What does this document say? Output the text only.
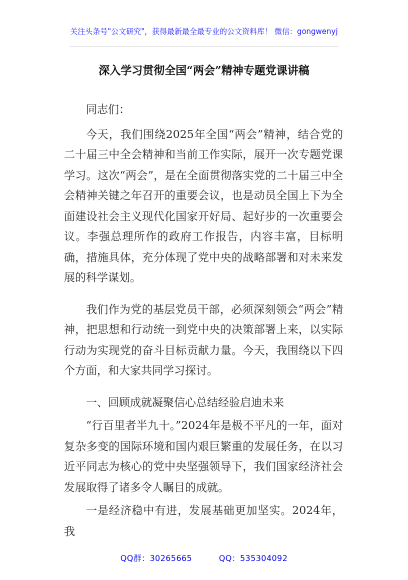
关注头条号"公文研究"，获得最新最全最专业的公文资料库！ 微信：gongwenyj
深入学习贯彻全国“两会”精神专题党课讲稿

同志们：

今天，我们围绕2025年全国“两会”精神，结合党的二十届三中全会精神和当前工作实际，展开一次专题党课学习。这次“两会”，是在全面贯彻落实党的二十届三中全会精神关键之年召开的重要会议，也是动员全国上下为全面建设社会主义现代化国家开好局、起好步的一次重要会议。李强总理所作的政府工作报告，内容丰富，目标明确，措施具体，充分体现了党中央的战略部署和对未来发展的科学谋划。

我们作为党的基层党员干部，必须深刻领会“两会”精神，把思想和行动统一到党中央的决策部署上来，以实际行动为实现党的奋斗目标贡献力量。今天，我围绕以下四个方面，和大家共同学习探讨。

一、回顾成就凝聚信心总结经验启迪未来

“行百里者半九十。”2024年是极不平凡的一年，面对复杂多变的国际环境和国内艰巨繁重的发展任务，在以习近平同志为核心的党中央坚强领导下，我们国家经济社会发展取得了诸多令人瞩目的成就。

一是经济稳中有进，发展基础更加坚实。2024年，我

QQ群：30265665	QQ：535304092
